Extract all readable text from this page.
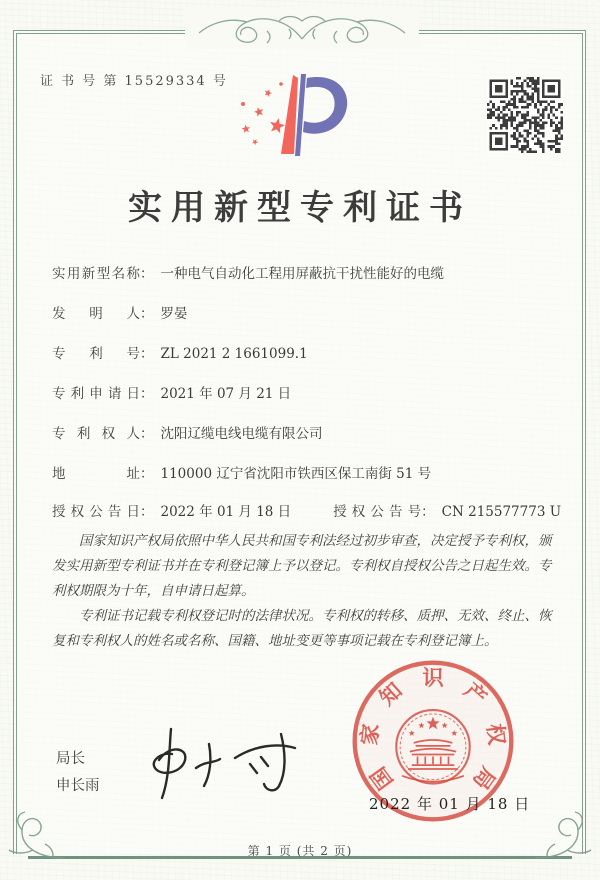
证 书 号 第 15529334 号
实用新型专利证书
实用新型名称： 一种电气自动化工程用屏蔽抗干扰性能好的电缆
发明人： 罗晏
专利号： ZL 2021 2 1661099.1
专利申请日： 2021 年 07 月 21 日
专利权人： 沈阳辽缆电线电缆有限公司
地址： 110000 辽宁省沈阳市铁西区保工南街 51 号
授权公告日： 2022 年 01 月 18 日	授权公告号： CN 215577773 U

国家知识产权局依照中华人民共和国专利法经过初步审查，决定授予专利权，颁发实用新型专利证书并在专利登记簿上予以登记。专利权自授权公告之日起生效。专利权期限为十年，自申请日起算。

专利证书记载专利权登记时的法律状况。专利权的转移、质押、无效、终止、恢复和专利权人的姓名或名称、国籍、地址变更等事项记载在专利登记簿上。

局长
申长雨	国
家
知 识 产
权
局
2022 年 01 月 18 日
第 1 页 (共 2 页)
